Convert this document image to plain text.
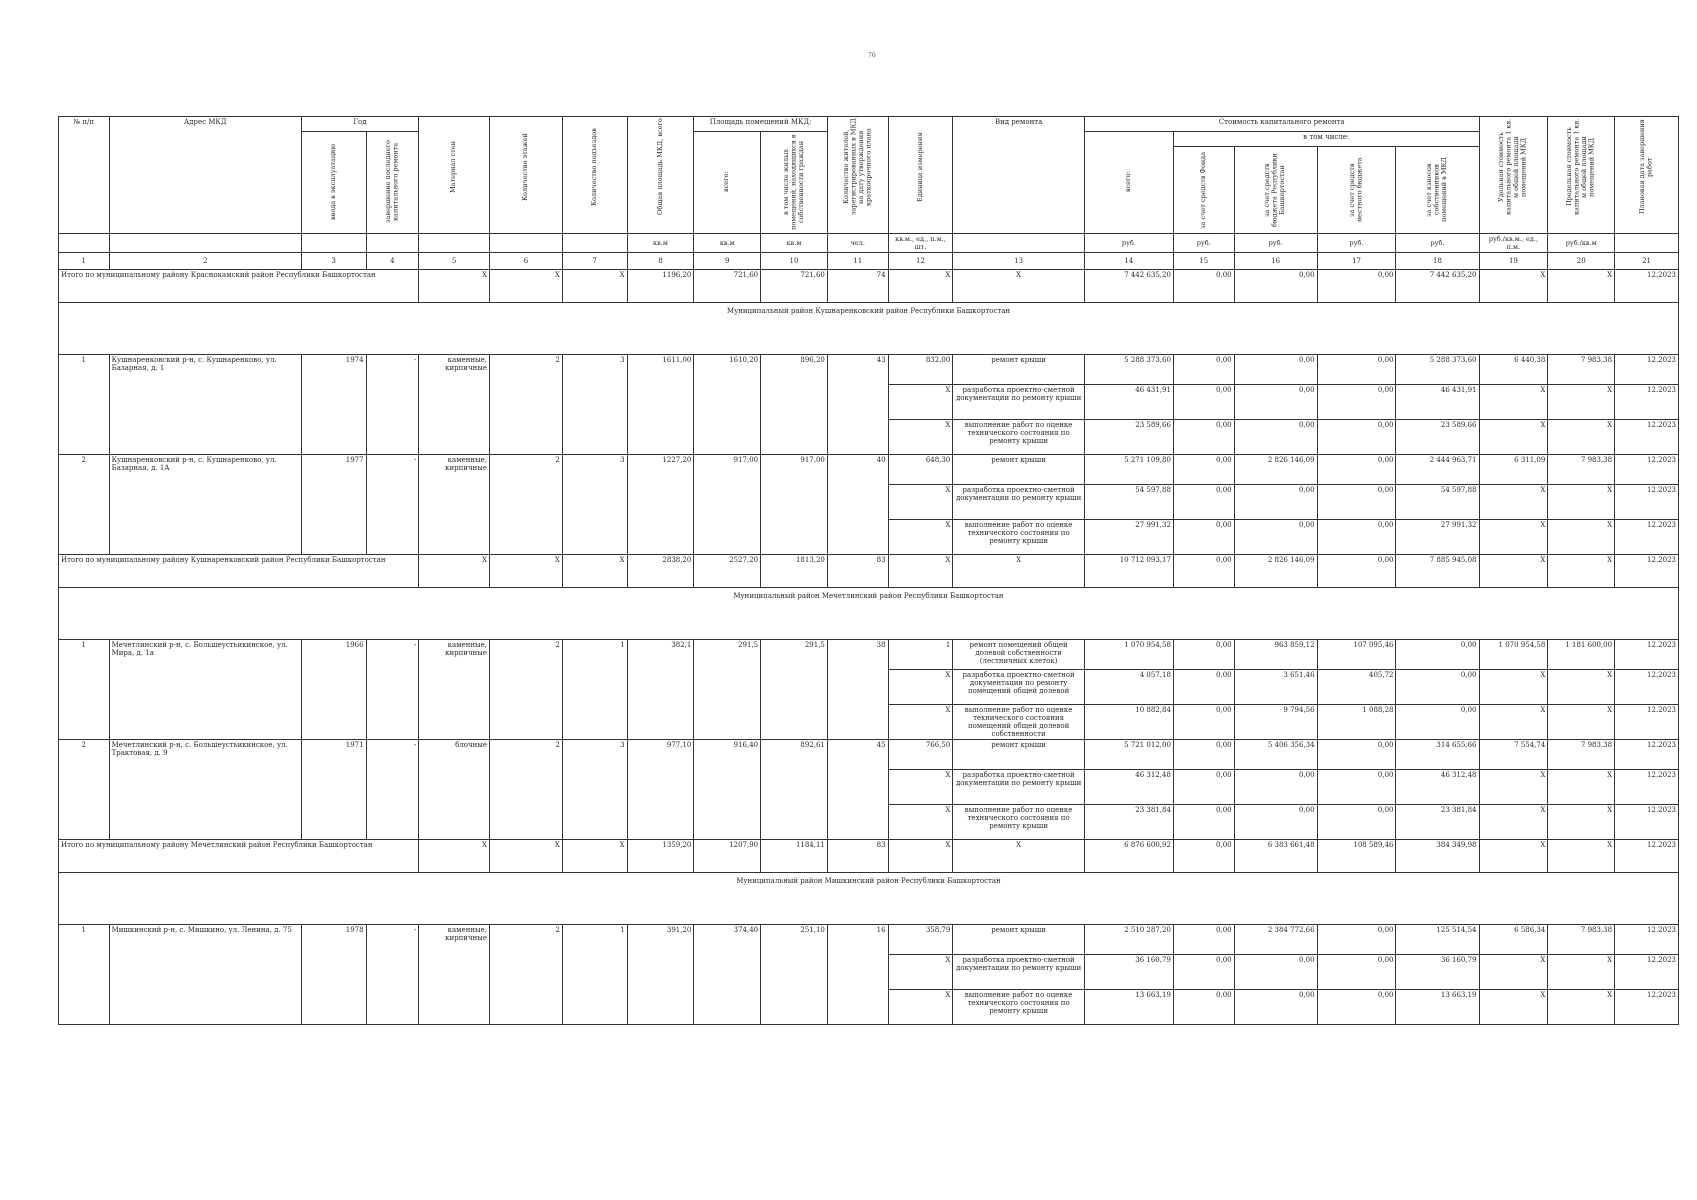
76
№ п/п	Адрес МКД	Год		Материал стен	Количество этажей	Количество подъездов	Общая площадь МКД, всего	Площадь помещений МКД:		Количество жителей, зарегистрированных в МКД на дату утверждения краткосрочного плана	Единица измерения	Вид ремонта	Стоимость капитального ремонта					Удельная стоимость капитального ремонта 1 кв. м общей площади помещений МКД	Предельная стоимость капитального ремонта 1 кв. м общей площади помещений МКД	Плановая дата завершения работ

		ввода в эксплуатацию	завершение последнего капитального ремонта					всего:	в том числе жилых помещений, находящихся в собственности граждан				всего:	в том числе:						

														за счет средств Фонда	за счет средств бюджета Республики Башкортостан	за счет средств местного бюджета	за счет взносов собственников помещений в МКД			

							кв.м	кв.м	кв.м	чел.	кв.м., ед., п.м., шт.		руб.	руб.	руб.	руб.	руб.	руб./кв.м., ед., п.м.	руб./кв.м	
1	2	3	4	5	6	7	8	9	10	11	12	13	14	15	16	17	18	19	20	21
Итого по муниципальному району Краснокамский район Республики Башкортостан				X	X	X	1196,20	721,60	721,60	74	X	X	7 442 635,20	0,00	0,00	0,00	7 442 635,20	X	X	12.2023
Муниципальный район Кушнаренковский район Республики Башкортостан																				
1	Кушнаренковский р-н, с. Кушнаренково, ул. Базарная, д. 1	1974	-	каменные, кирпичные	2	3	1611,00	1610,20	896,20	43	832,00	ремонт крыши	5 288 373,60	0,00	0,00	0,00	5 288 373,60	6 440,38	7 983,38	12.2023
											X	разработка проектно-сметной документации по ремонту крыши	46 431,91	0,00	0,00	0,00	46 431,91	X	X	12.2023
											X	выполнение работ по оценке технического состояния по ремонту крыши	23 589,66	0,00	0,00	0,00	23 589,66	X	X	12.2023
2	Кушнаренковский р-н, с. Кушнаренково, ул. Базарная, д. 1А	1977	-	каменные, кирпичные	2	3	1227,20	917,00	917,00	40	648,30	ремонт крыши	5 271 109,80	0,00	2 826 146,09	0,00	2 444 963,71	6 311,09	7 983,38	12.2023
											X	разработка проектно-сметной документации по ремонту крыши	54 597,88	0,00	0,00	0,00	54 597,88	X	X	12.2023
											X	выполнение работ по оценке технического состояния по ремонту крыши	27 991,32	0,00	0,00	0,00	27 991,32	X	X	12.2023
Итого по муниципальному району Кушнаренковский район Республики Башкортостан				X	X	X	2838,20	2527,20	1813,20	83	X	X	10 712 093,17	0,00	2 826 146,09	0,00	7 885 945,08	X	X	12.2023
Муниципальный район Мечетлинский район Республики Башкортостан																				
1	Мечетлинский р-н, с. Большеустьикинское, ул. Мира, д. 1а	1966	-	каменные, кирпичные	2	1	382,1	291,5	291,5	38	1	ремонт помещений общей долевой собственности (лестничных клеток)	1 070 954,58	0,00	963 859,12	107 095,46	0,00	1 070 954,58	1 181 600,00	12.2023
											X	разработка проектно-сметной документации по ремонту помещений общей долевой	4 057,18	0,00	3 651,46	405,72	0,00	X	X	12.2023
											X	выполнение работ по оценке технического состояния помещений общей долевой собственности	10 882,84	0,00	9 794,56	1 088,28	0,00	X	X	12.2023
2	Мечетлинский р-н, с. Большеустьикинское, ул. Трактовая, д. 9	1971	-	блочные	2	3	977,10	916,40	892,61	45	766,50	ремонт крыши	5 721 012,00	0,00	5 406 356,34	0,00	314 655,66	7 554,74	7 983,38	12.2023
											X	разработка проектно-сметной документации по ремонту крыши	46 312,48	0,00	0,00	0,00	46 312,48	X	X	12.2023
											X	выполнение работ по оценке технического состояния по ремонту крыши	23 381,84	0,00	0,00	0,00	23 381,84	X	X	12.2023
Итого по муниципальному району Мечетлинский район Республики Башкортостан				X	X	X	1359,20	1207,90	1184,11	83	X	X	6 876 600,92	0,00	6 383 661,48	108 589,46	384 349,98	X	X	12.2023
Муниципальный район Мишкинский район Республики Башкортостан																				
1	Мишкинский р-н, с. Мишкино, ул. Ленина, д. 75	1978	-	каменные, кирпичные	2	1	391,20	374,40	251,10	16	358,79	ремонт крыши	2 510 287,20	0,00	2 384 772,66	0,00	125 514,54	6 586,34	7 983,38	12.2023
											X	разработка проектно-сметной документации по ремонту крыши	36 160,79	0,00	0,00	0,00	36 160,79	X	X	12.2023
											X	выполнение работ по оценке технического состояния по ремонту крыши	13 663,19	0,00	0,00	0,00	13 663,19	X	X	12.2023
